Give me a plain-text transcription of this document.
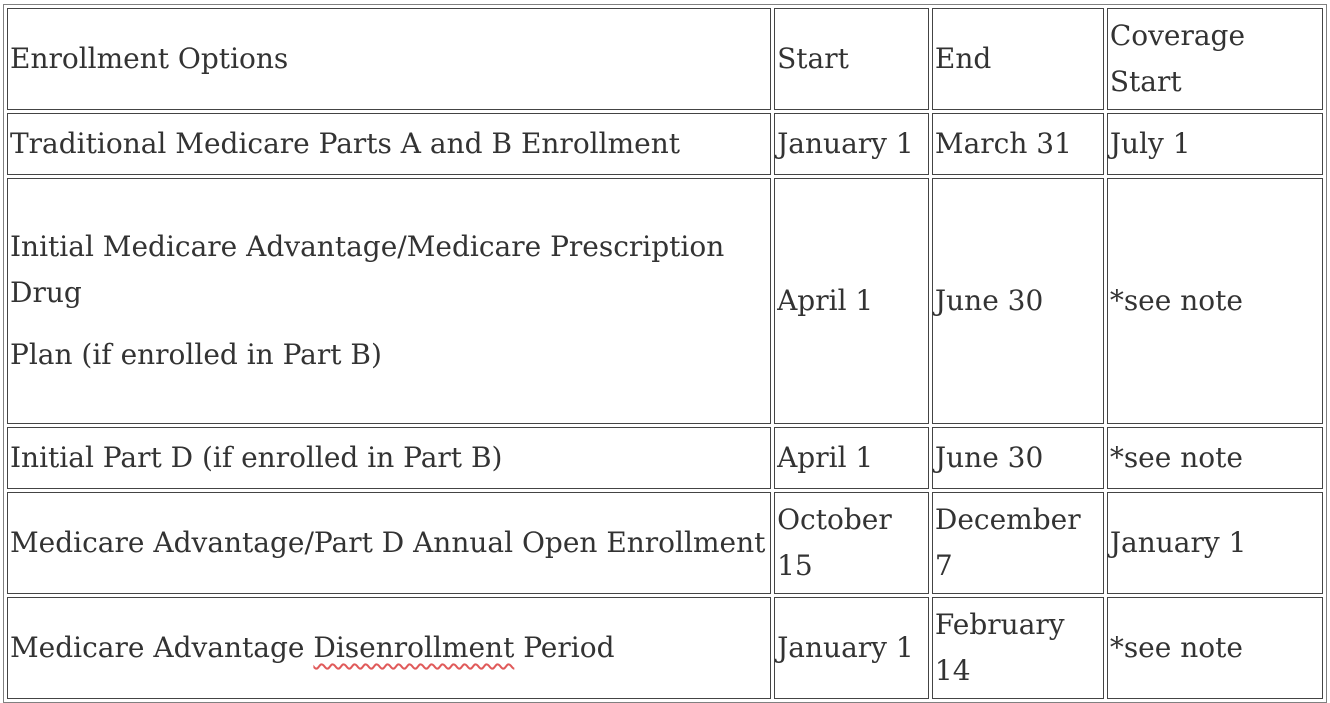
Enrollment Options	Start	End	Coverage Start
Traditional Medicare Parts A and B Enrollment	January 1	March 31	July 1

Initial Medicare Advantage/Medicare Prescription Drug
Plan (if enrolled in Part B)	April 1	June 30	*see note
Initial Part D (if enrolled in Part B)	April 1	June 30	*see note
Medicare Advantage/Part D Annual Open Enrollment	October 15	December 7	January 1
Medicare Advantage Disenrollment Period	January 1	February 14	*see note
